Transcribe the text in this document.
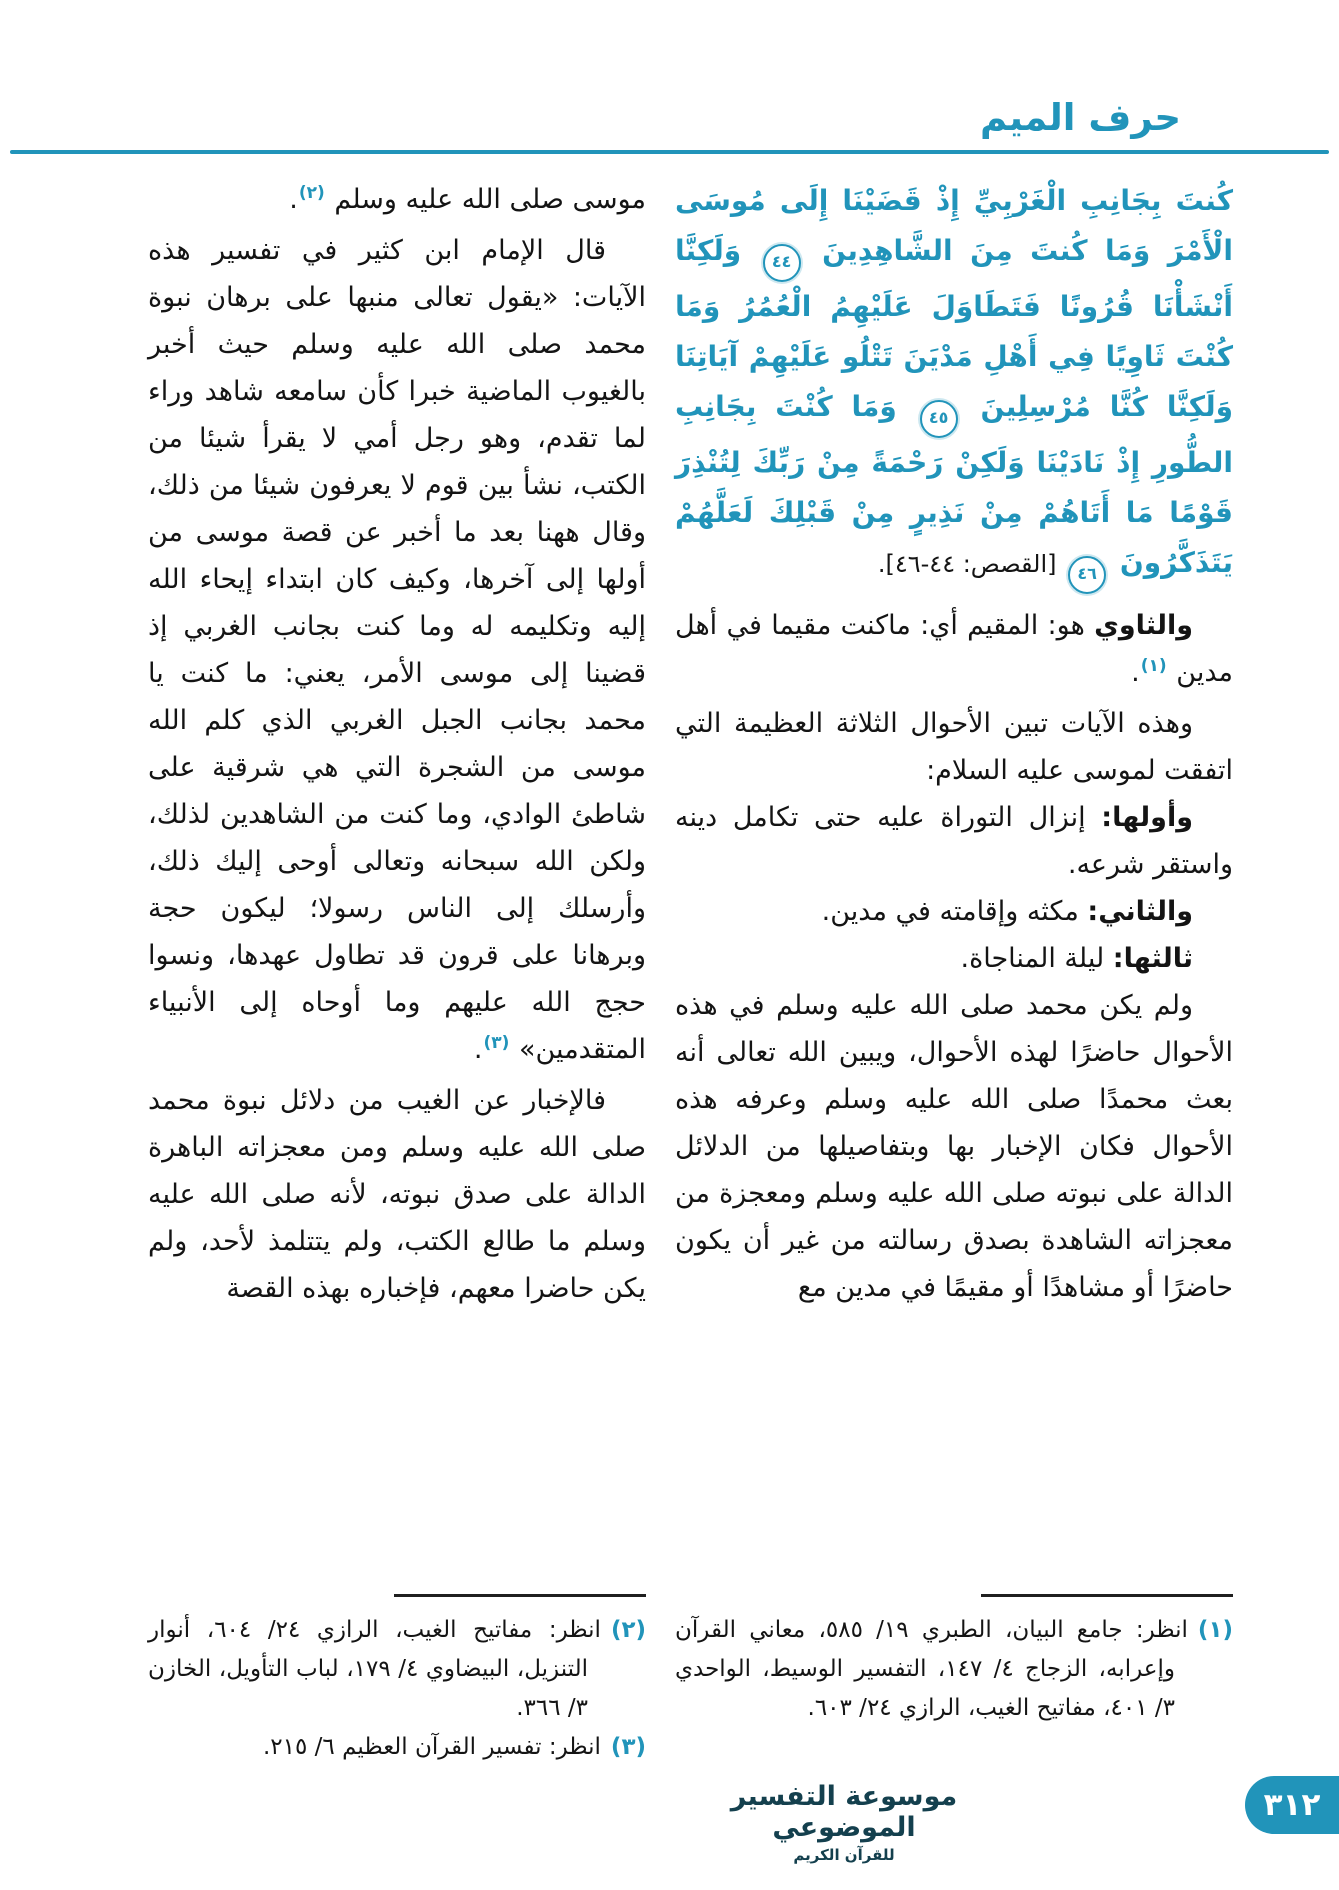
حرف الميم
كُنتَ بِجَانِبِ الْغَرْبِيِّ إِذْ قَضَيْنَا إِلَى مُوسَى الْأَمْرَ وَمَا كُنتَ مِنَ الشَّاهِدِينَ ٤٤ وَلَكِنَّا أَنْشَأْنَا قُرُونًا فَتَطَاوَلَ عَلَيْهِمُ الْعُمُرُ وَمَا كُنْتَ ثَاوِيًا فِي أَهْلِ مَدْيَنَ تَتْلُو عَلَيْهِمْ آيَاتِنَا وَلَكِنَّا كُنَّا مُرْسِلِينَ ٤٥ وَمَا كُنْتَ بِجَانِبِ الطُّورِ إِذْ نَادَيْنَا وَلَكِنْ رَحْمَةً مِنْ رَبِّكَ لِتُنْذِرَ قَوْمًا مَا أَتَاهُمْ مِنْ نَذِيرٍ مِنْ قَبْلِكَ لَعَلَّهُمْ يَتَذَكَّرُونَ ٤٦ [القصص: ٤٤-٤٦].

والثاوي هو: المقيم أي: ماكنت مقيما في أهل مدين $^{(١)}$.

وهذه الآيات تبين الأحوال الثلاثة العظيمة التي اتفقت لموسى عليه السلام:

وأولها: إنزال التوراة عليه حتى تكامل دينه واستقر شرعه.

والثاني: مكثه وإقامته في مدين.

ثالثها: ليلة المناجاة.

ولم يكن محمد صلى الله عليه وسلم في هذه الأحوال حاضرًا لهذه الأحوال، ويبين الله تعالى أنه بعث محمدًا صلى الله عليه وسلم وعرفه هذه الأحوال فكان الإخبار بها وبتفاصيلها من الدلائل الدالة على نبوته صلى الله عليه وسلم ومعجزة من معجزاته الشاهدة بصدق رسالته من غير أن يكون حاضرًا أو مشاهدًا أو مقيمًا في مدين مع

(١)انظر: جامع البيان، الطبري ١٩/ ٥٨٥، معاني القرآن وإعرابه، الزجاج ٤/ ١٤٧، التفسير الوسيط، الواحدي ٣/ ٤٠١، مفاتيح الغيب، الرازي ٢٤/ ٦٠٣.

موسى صلى الله عليه وسلم $^{(٢)}$.

قال الإمام ابن كثير في تفسير هذه الآيات: «يقول تعالى منبها على برهان نبوة محمد صلى الله عليه وسلم حيث أخبر بالغيوب الماضية خبرا كأن سامعه شاهد وراء لما تقدم، وهو رجل أمي لا يقرأ شيئا من الكتب، نشأ بين قوم لا يعرفون شيئا من ذلك، وقال ههنا بعد ما أخبر عن قصة موسى من أولها إلى آخرها، وكيف كان ابتداء إيحاء الله إليه وتكليمه له وما كنت بجانب الغربي إذ قضينا إلى موسى الأمر، يعني: ما كنت يا محمد بجانب الجبل الغربي الذي كلم الله موسى من الشجرة التي هي شرقية على شاطئ الوادي، وما كنت من الشاهدين لذلك، ولكن الله سبحانه وتعالى أوحى إليك ذلك، وأرسلك إلى الناس رسولا؛ ليكون حجة وبرهانا على قرون قد تطاول عهدها، ونسوا حجج الله عليهم وما أوحاه إلى الأنبياء المتقدمين» $^{(٣)}$.

فالإخبار عن الغيب من دلائل نبوة محمد صلى الله عليه وسلم ومن معجزاته الباهرة الدالة على صدق نبوته، لأنه صلى الله عليه وسلم ما طالع الكتب، ولم يتتلمذ لأحد، ولم يكن حاضرا معهم، فإخباره بهذه القصة

(٢)انظر: مفاتيح الغيب، الرازي ٢٤/ ٦٠٤، أنوار التنزيل، البيضاوي ٤/ ١٧٩، لباب التأويل، الخازن ٣/ ٣٦٦.

(٣)انظر: تفسير القرآن العظيم ٦/ ٢١٥.

موسوعة التفسير الموضوعي
للقرآن الكريم
٣١٢
